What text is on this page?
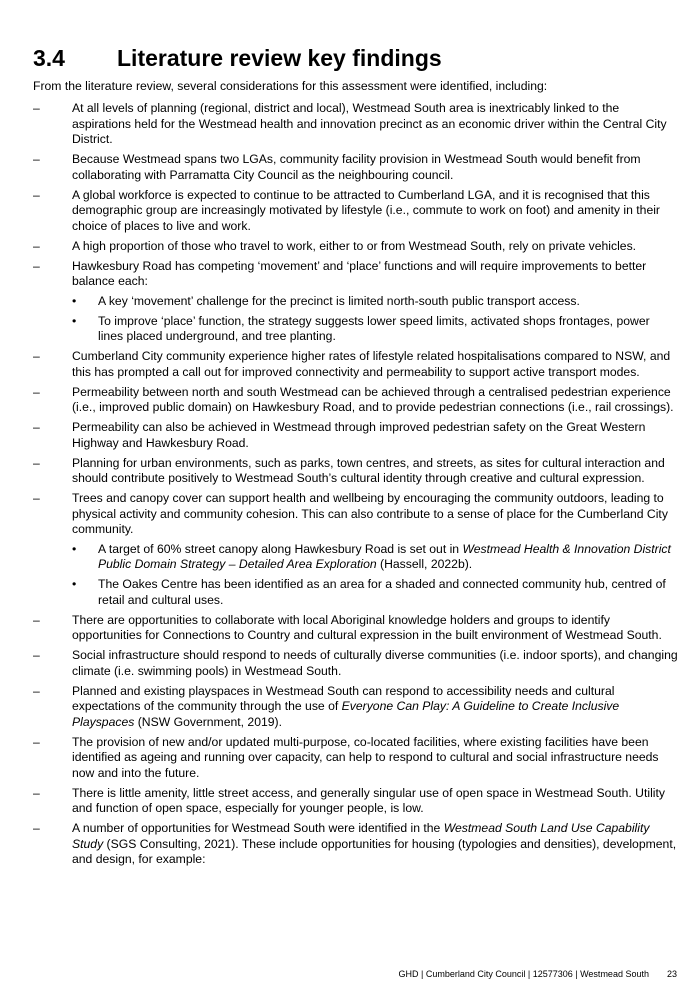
3.4 Literature review key findings

From the literature review, several considerations for this assessment were identified, including:

–	At all levels of planning (regional, district and local), Westmead South area is inextricably linked to the aspirations held for the Westmead health and innovation precinct as an economic driver within the Central City District.
–	Because Westmead spans two LGAs, community facility provision in Westmead South would benefit from collaborating with Parramatta City Council as the neighbouring council.
–	A global workforce is expected to continue to be attracted to Cumberland LGA, and it is recognised that this demographic group are increasingly motivated by lifestyle (i.e., commute to work on foot) and amenity in their choice of places to live and work.
–	A high proportion of those who travel to work, either to or from Westmead South, rely on private vehicles.
–	Hawkesbury Road has competing ‘movement’ and ‘place’ functions and will require improvements to better balance each:
• A key ‘movement’ challenge for the precinct is limited north-south public transport access.
• To improve ‘place’ function, the strategy suggests lower speed limits, activated shops frontages, power lines placed underground, and tree planting.
–	Cumberland City community experience higher rates of lifestyle related hospitalisations compared to NSW, and this has prompted a call out for improved connectivity and permeability to support active transport modes.
–	Permeability between north and south Westmead can be achieved through a centralised pedestrian experience (i.e., improved public domain) on Hawkesbury Road, and to provide pedestrian connections (i.e., rail crossings).
–	Permeability can also be achieved in Westmead through improved pedestrian safety on the Great Western Highway and Hawkesbury Road.
–	Planning for urban environments, such as parks, town centres, and streets, as sites for cultural interaction and should contribute positively to Westmead South’s cultural identity through creative and cultural expression.
–	Trees and canopy cover can support health and wellbeing by encouraging the community outdoors, leading to physical activity and community cohesion. This can also contribute to a sense of place for the Cumberland City community.
• A target of 60% street canopy along Hawkesbury Road is set out in Westmead Health & Innovation District Public Domain Strategy – Detailed Area Exploration (Hassell, 2022b).
• The Oakes Centre has been identified as an area for a shaded and connected community hub, centred of retail and cultural uses.
–	There are opportunities to collaborate with local Aboriginal knowledge holders and groups to identify opportunities for Connections to Country and cultural expression in the built environment of Westmead South.
–	Social infrastructure should respond to needs of culturally diverse communities (i.e. indoor sports), and changing climate (i.e. swimming pools) in Westmead South.
–	Planned and existing playspaces in Westmead South can respond to accessibility needs and cultural expectations of the community through the use of Everyone Can Play: A Guideline to Create Inclusive Playspaces (NSW Government, 2019).
–	The provision of new and/or updated multi-purpose, co-located facilities, where existing facilities have been identified as ageing and running over capacity, can help to respond to cultural and social infrastructure needs now and into the future.
–	There is little amenity, little street access, and generally singular use of open space in Westmead South. Utility and function of open space, especially for younger people, is low.
–	A number of opportunities for Westmead South were identified in the Westmead South Land Use Capability Study (SGS Consulting, 2021). These include opportunities for housing (typologies and densities), development, and design, for example:
GHD | Cumberland City Council | 12577306 | Westmead South 23
